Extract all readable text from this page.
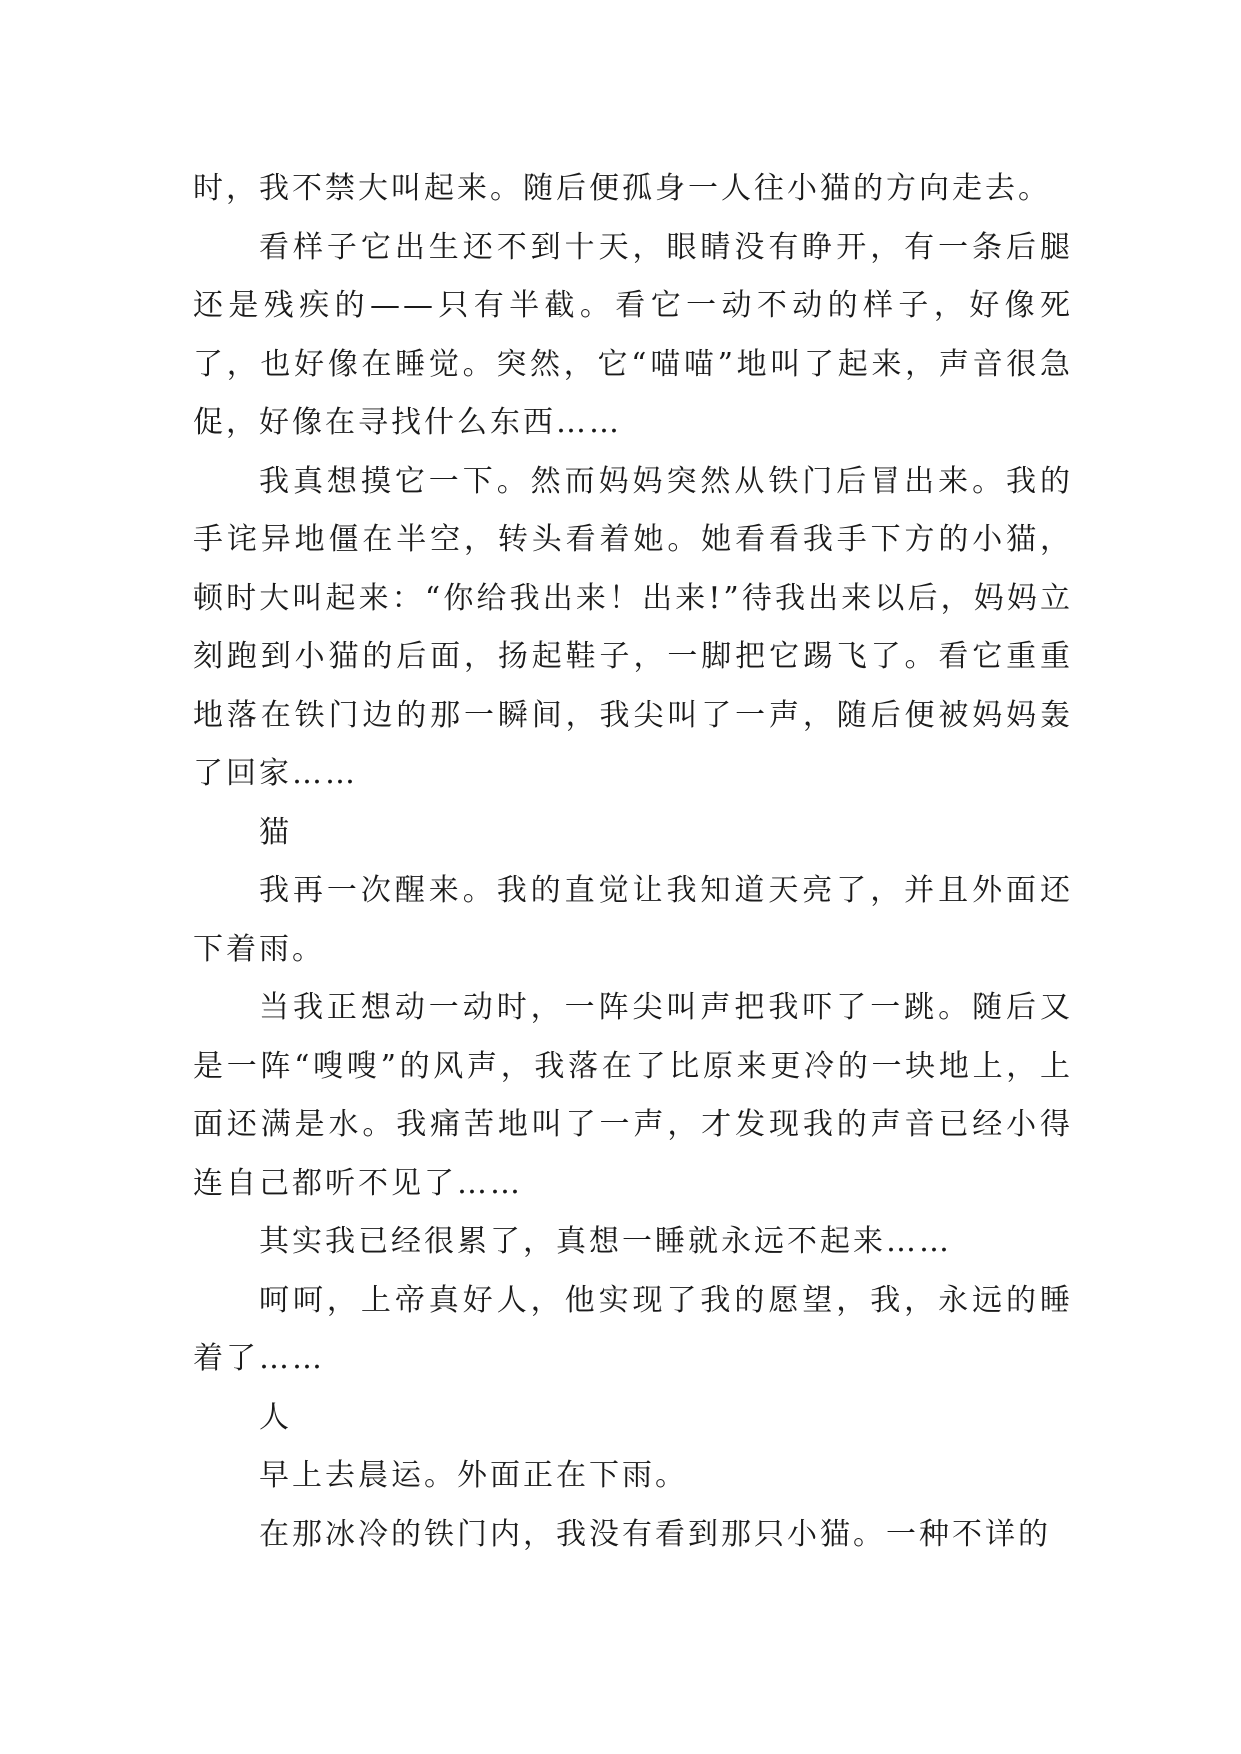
时，我不禁大叫起来。随后便孤身一人往小猫的方向走去。

看样子它出生还不到十天，眼睛没有睁开，有一条后腿还是残疾的——只有半截。看它一动不动的样子，好像死了，也好像在睡觉。突然，它“喵喵”地叫了起来，声音很急促，好像在寻找什么东西……

我真想摸它一下。然而妈妈突然从铁门后冒出来。我的手诧异地僵在半空，转头看着她。她看看我手下方的小猫，顿时大叫起来：“你给我出来！出来!”待我出来以后，妈妈立刻跑到小猫的后面，扬起鞋子，一脚把它踢飞了。看它重重地落在铁门边的那一瞬间，我尖叫了一声，随后便被妈妈轰了回家……

猫

我再一次醒来。我的直觉让我知道天亮了，并且外面还下着雨。

当我正想动一动时，一阵尖叫声把我吓了一跳。随后又是一阵“嗖嗖”的风声，我落在了比原来更冷的一块地上，上面还满是水。我痛苦地叫了一声，才发现我的声音已经小得连自己都听不见了……

其实我已经很累了，真想一睡就永远不起来……

呵呵，上帝真好人，他实现了我的愿望，我，永远的睡着了……

人

早上去晨运。外面正在下雨。

在那冰冷的铁门内，我没有看到那只小猫。一种不详的
